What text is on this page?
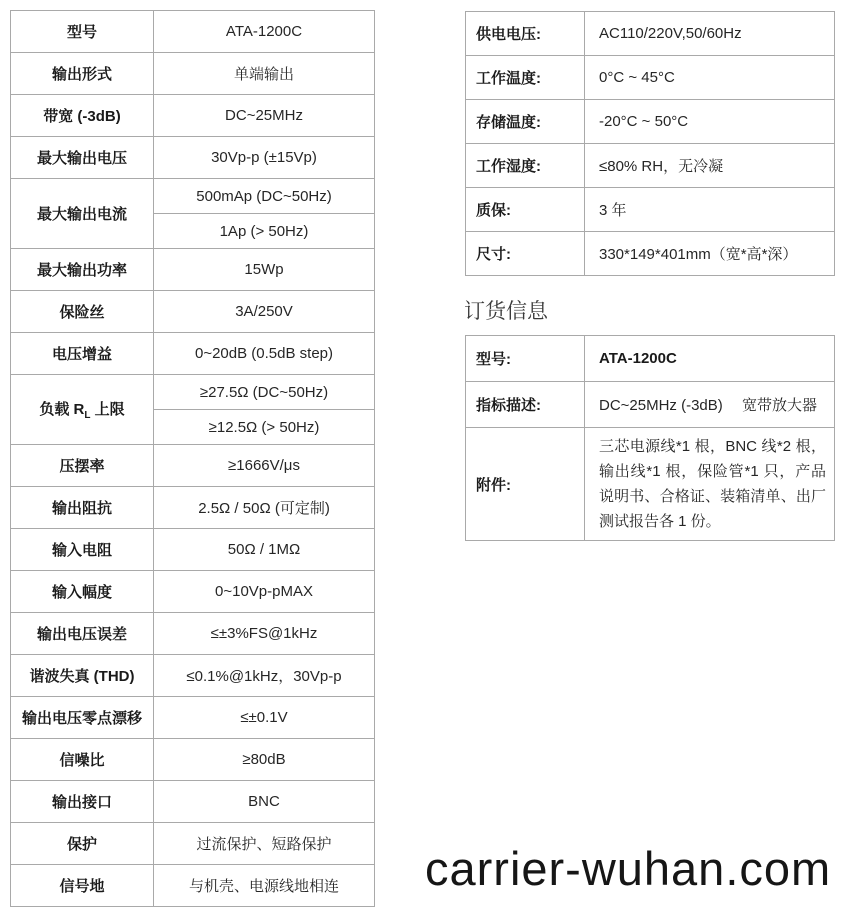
型号	ATA-1200C
输出形式	单端输出
带宽 (-3dB)	DC~25MHz
最大输出电压	30Vp-p (±15Vp)
最大输出电流	500mAp (DC~50Hz)
	1Ap (> 50Hz)
最大输出功率	15Wp
保险丝	3A/250V
电压增益	0~20dB (0.5dB step)
负载 $R_L$ 上限	≥27.5Ω (DC~50Hz)
	≥12.5Ω (> 50Hz)
压摆率	≥1666V/μs
输出阻抗	2.5Ω / 50Ω (可定制)
输入电阻	50Ω / 1MΩ
输入幅度	0~10Vp-pMAX
输出电压误差	≤±3%FS@1kHz
谐波失真 (THD)	≤0.1%@1kHz，30Vp-p
输出电压零点漂移	≤±0.1V
信噪比	≥80dB
输出接口	BNC
保护	过流保护、短路保护
信号地	与机壳、电源线地相连
供电电压:	AC110/220V,50/60Hz
工作温度:	0°C ~ 45°C
存储温度:	-20°C ~ 50°C
工作湿度:	≤80% RH，无冷凝
质保:	3 年
尺寸:	330*149*401mm（宽*高*深）
订货信息
型号:	ATA-1200C
指标描述:	DC~25MHz (-3dB)　 宽带放大器
附件:	三芯电源线*1 根，BNC 线*2 根，输出线*1 根，保险管*1 只，产品说明书、合格证、装箱清单、出厂测试报告各 1 份。
carrier-wuhan.com
